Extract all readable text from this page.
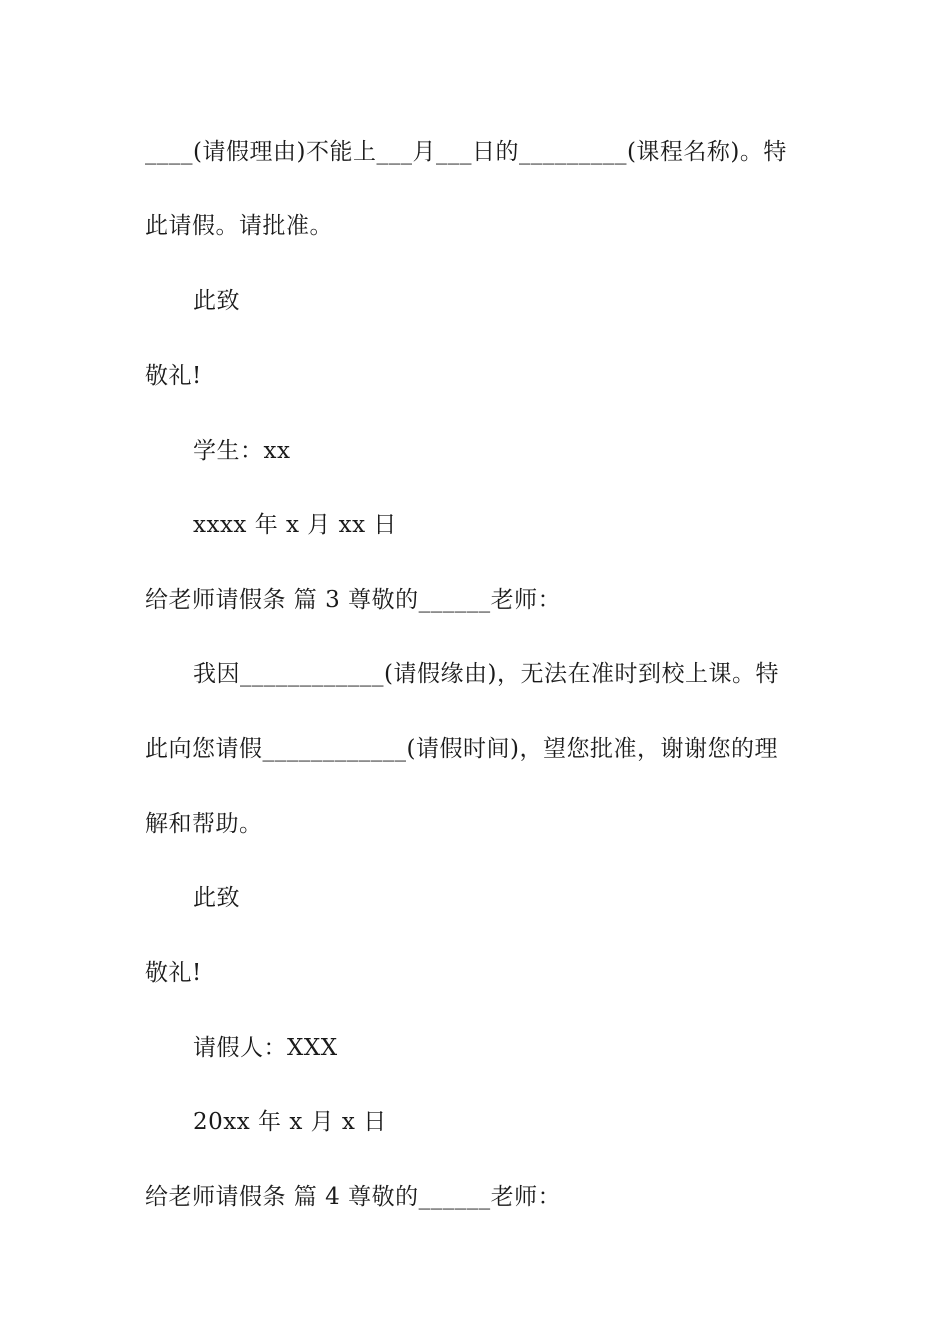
____(请假理由)不能上___月___日的_________(课程名称)。特
此请假。请批准。
此致
敬礼!
学生：xx
xxxx 年 x 月 xx 日
给老师请假条 篇 3 尊敬的______老师：
我因____________(请假缘由)，无法在准时到校上课。特
此向您请假____________(请假时间)，望您批准，谢谢您的理
解和帮助。
此致
敬礼!
请假人：XXX
20xx 年 x 月 x 日
给老师请假条 篇 4 尊敬的______老师：
